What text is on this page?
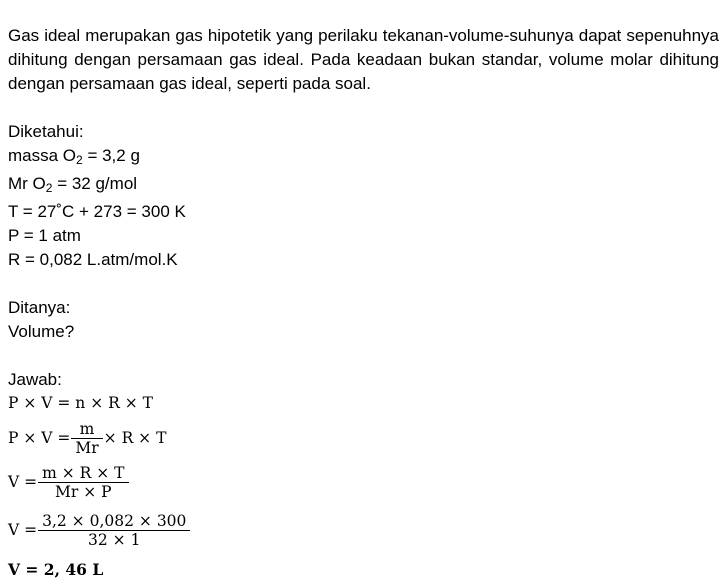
Gas ideal merupakan gas hipotetik yang perilaku tekanan-volume-suhunya dapat sepenuhnya dihitung dengan persamaan gas ideal. Pada keadaan bukan standar, volume molar dihitung dengan persamaan gas ideal, seperti pada soal.
Diketahui:
massa $O_2 = 3,2$ g
Mr $O_2 = 32$ g/mol
T = 27˚C + 273 = 300 K
P = 1 atm
R = 0,082 L.atm/mol.K
Ditanya:
Volume?
Jawab:
P × V = n × R × T
$P \times V = \frac{m}{Mr} \times R \times T$
$V = \frac{m \times R \times T}{Mr \times P}$
$V = \frac{3,2 \times 0,082 \times 300}{32 \times 1}$
V = 2, 46 L
